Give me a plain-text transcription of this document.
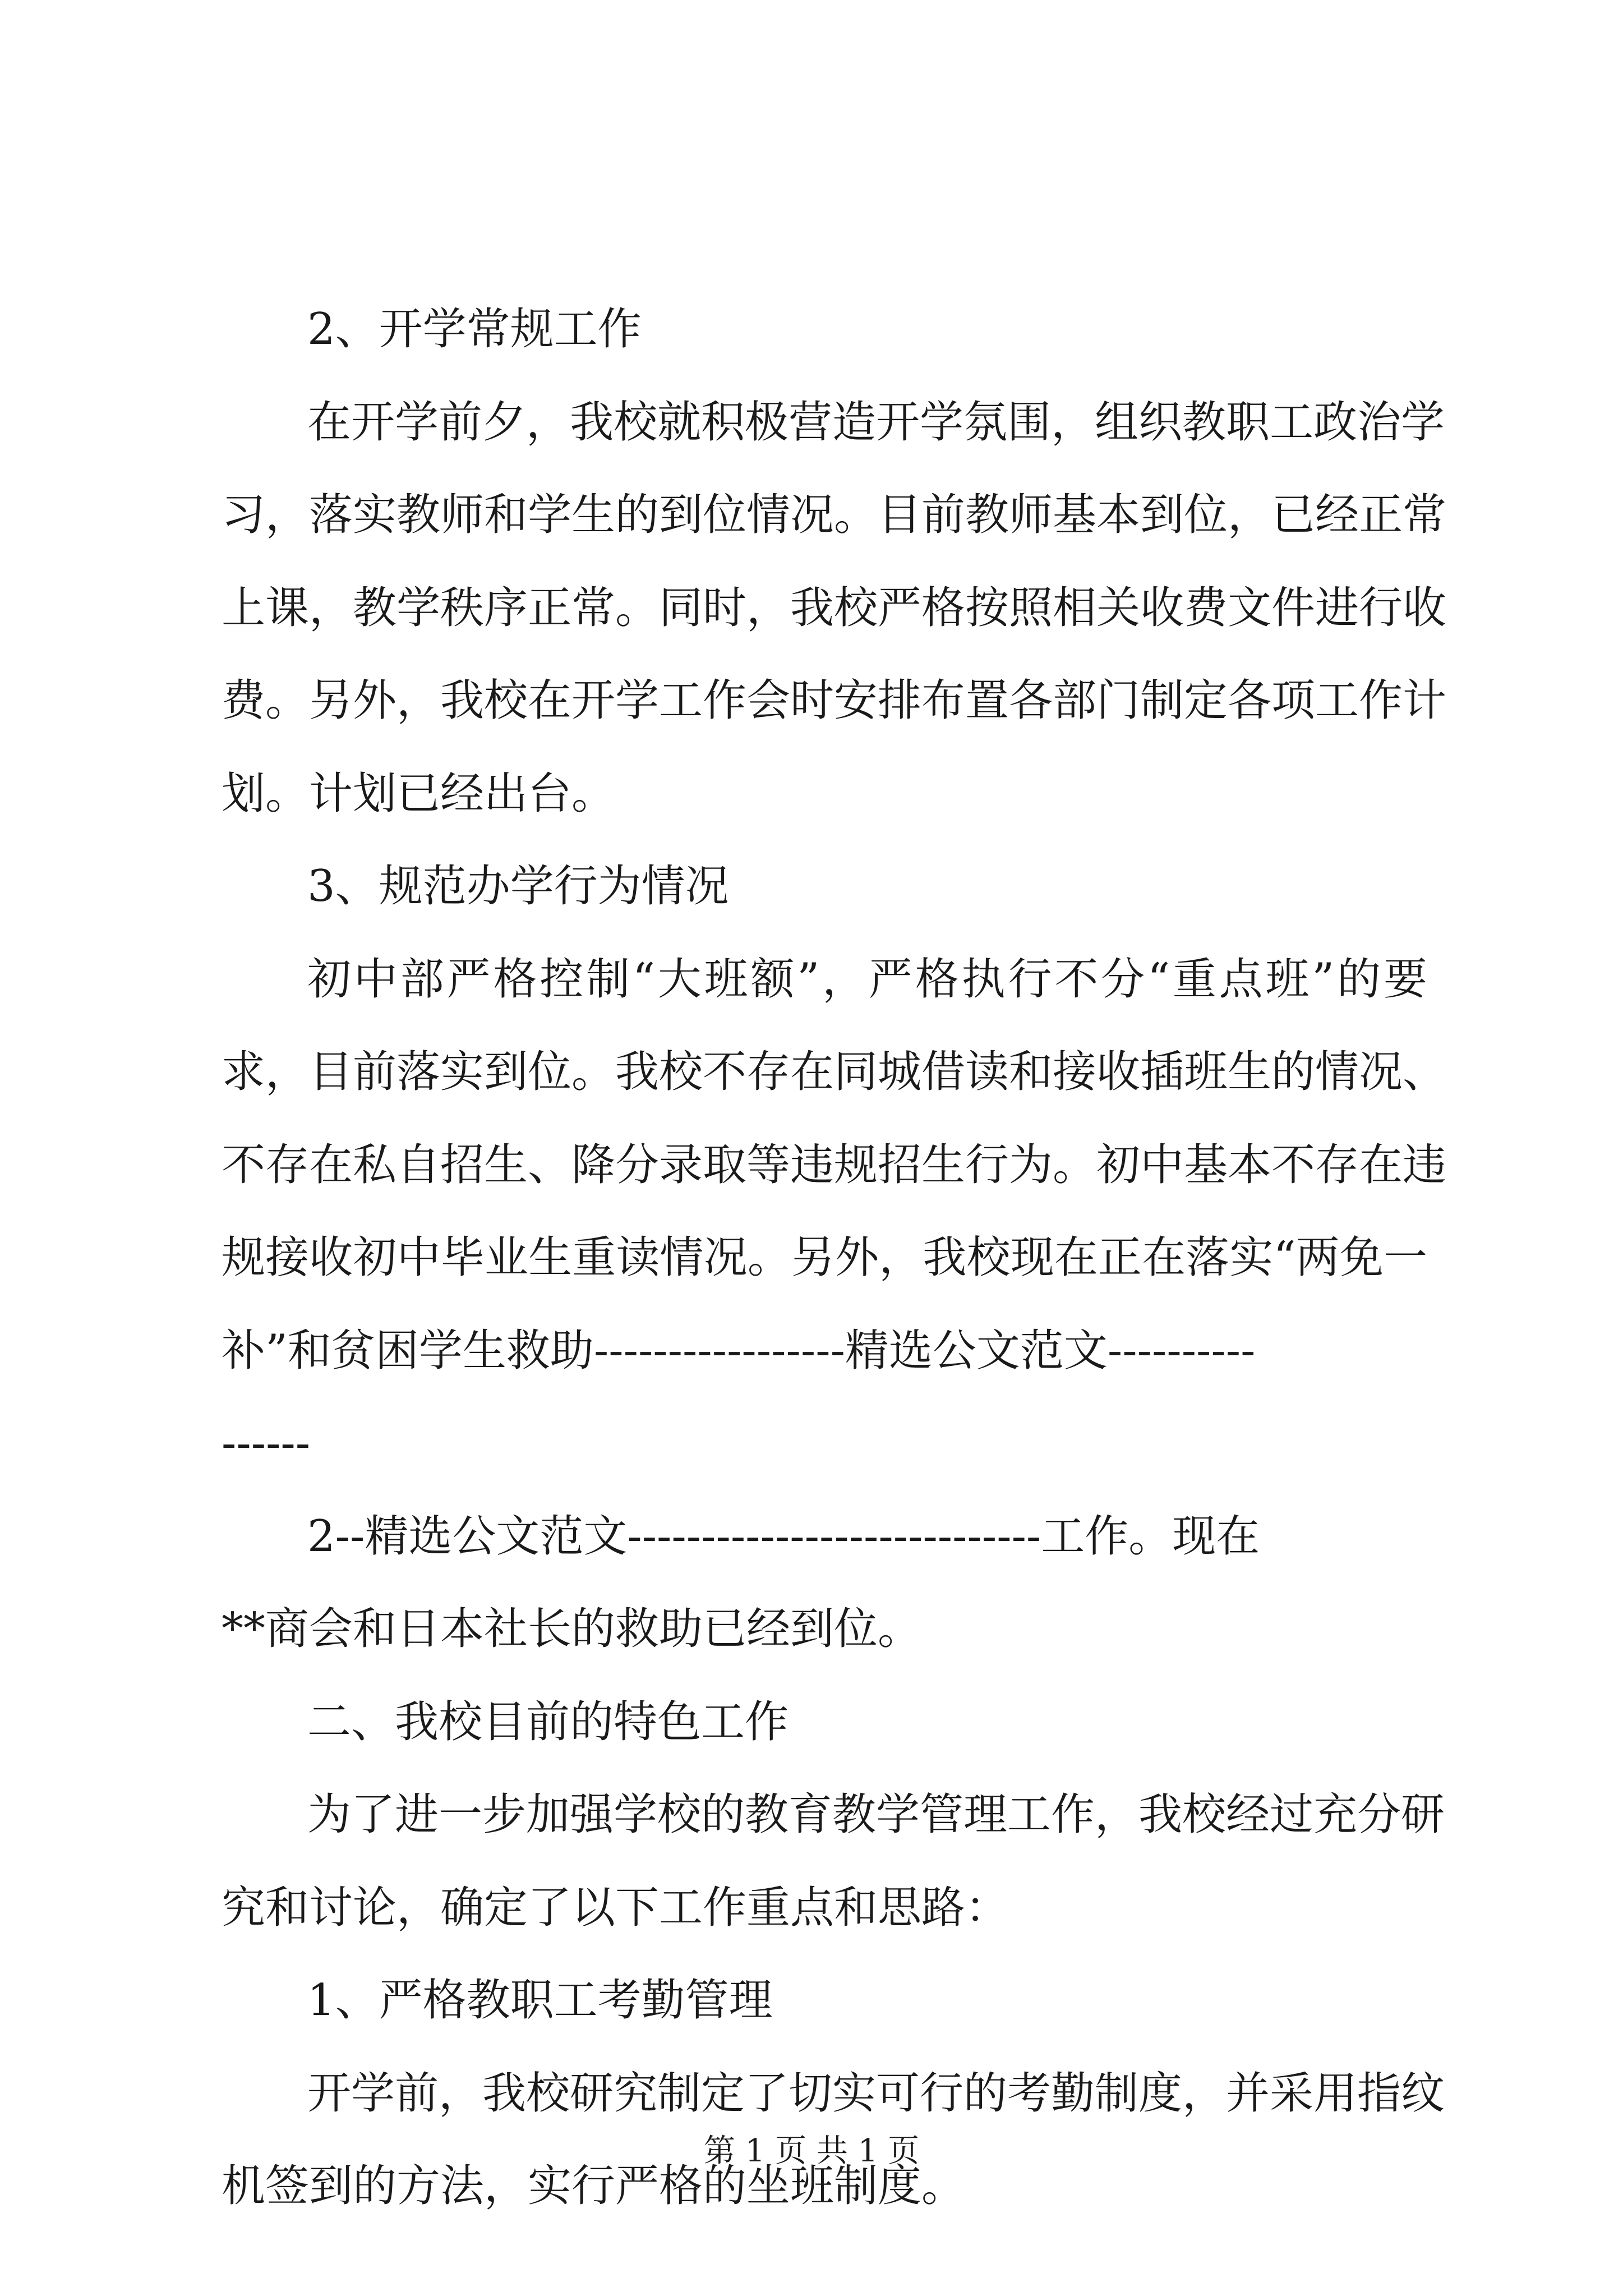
2、开学常规工作
在开学前夕，我校就积极营造开学氛围，组织教职工政治学
习，落实教师和学生的到位情况。目前教师基本到位，已经正常
上课，教学秩序正常。同时，我校严格按照相关收费文件进行收
费。另外，我校在开学工作会时安排布置各部门制定各项工作计
划。计划已经出台。
3、规范办学行为情况
初中部严格控制“大班额”，严格执行不分“重点班”的要
求，目前落实到位。我校不存在同城借读和接收插班生的情况、
不存在私自招生、降分录取等违规招生行为。初中基本不存在违
规接收初中毕业生重读情况。另外，我校现在正在落实“两免一
补”和贫困学生救助-----------------精选公文范文----------
------
2--精选公文范文----------------------------工作。现在
**商会和日本社长的救助已经到位。
二、我校目前的特色工作
为了进一步加强学校的教育教学管理工作，我校经过充分研
究和讨论，确定了以下工作重点和思路：
1、严格教职工考勤管理
开学前，我校研究制定了切实可行的考勤制度，并采用指纹
机签到的方法，实行严格的坐班制度。
第 1 页 共 1 页
